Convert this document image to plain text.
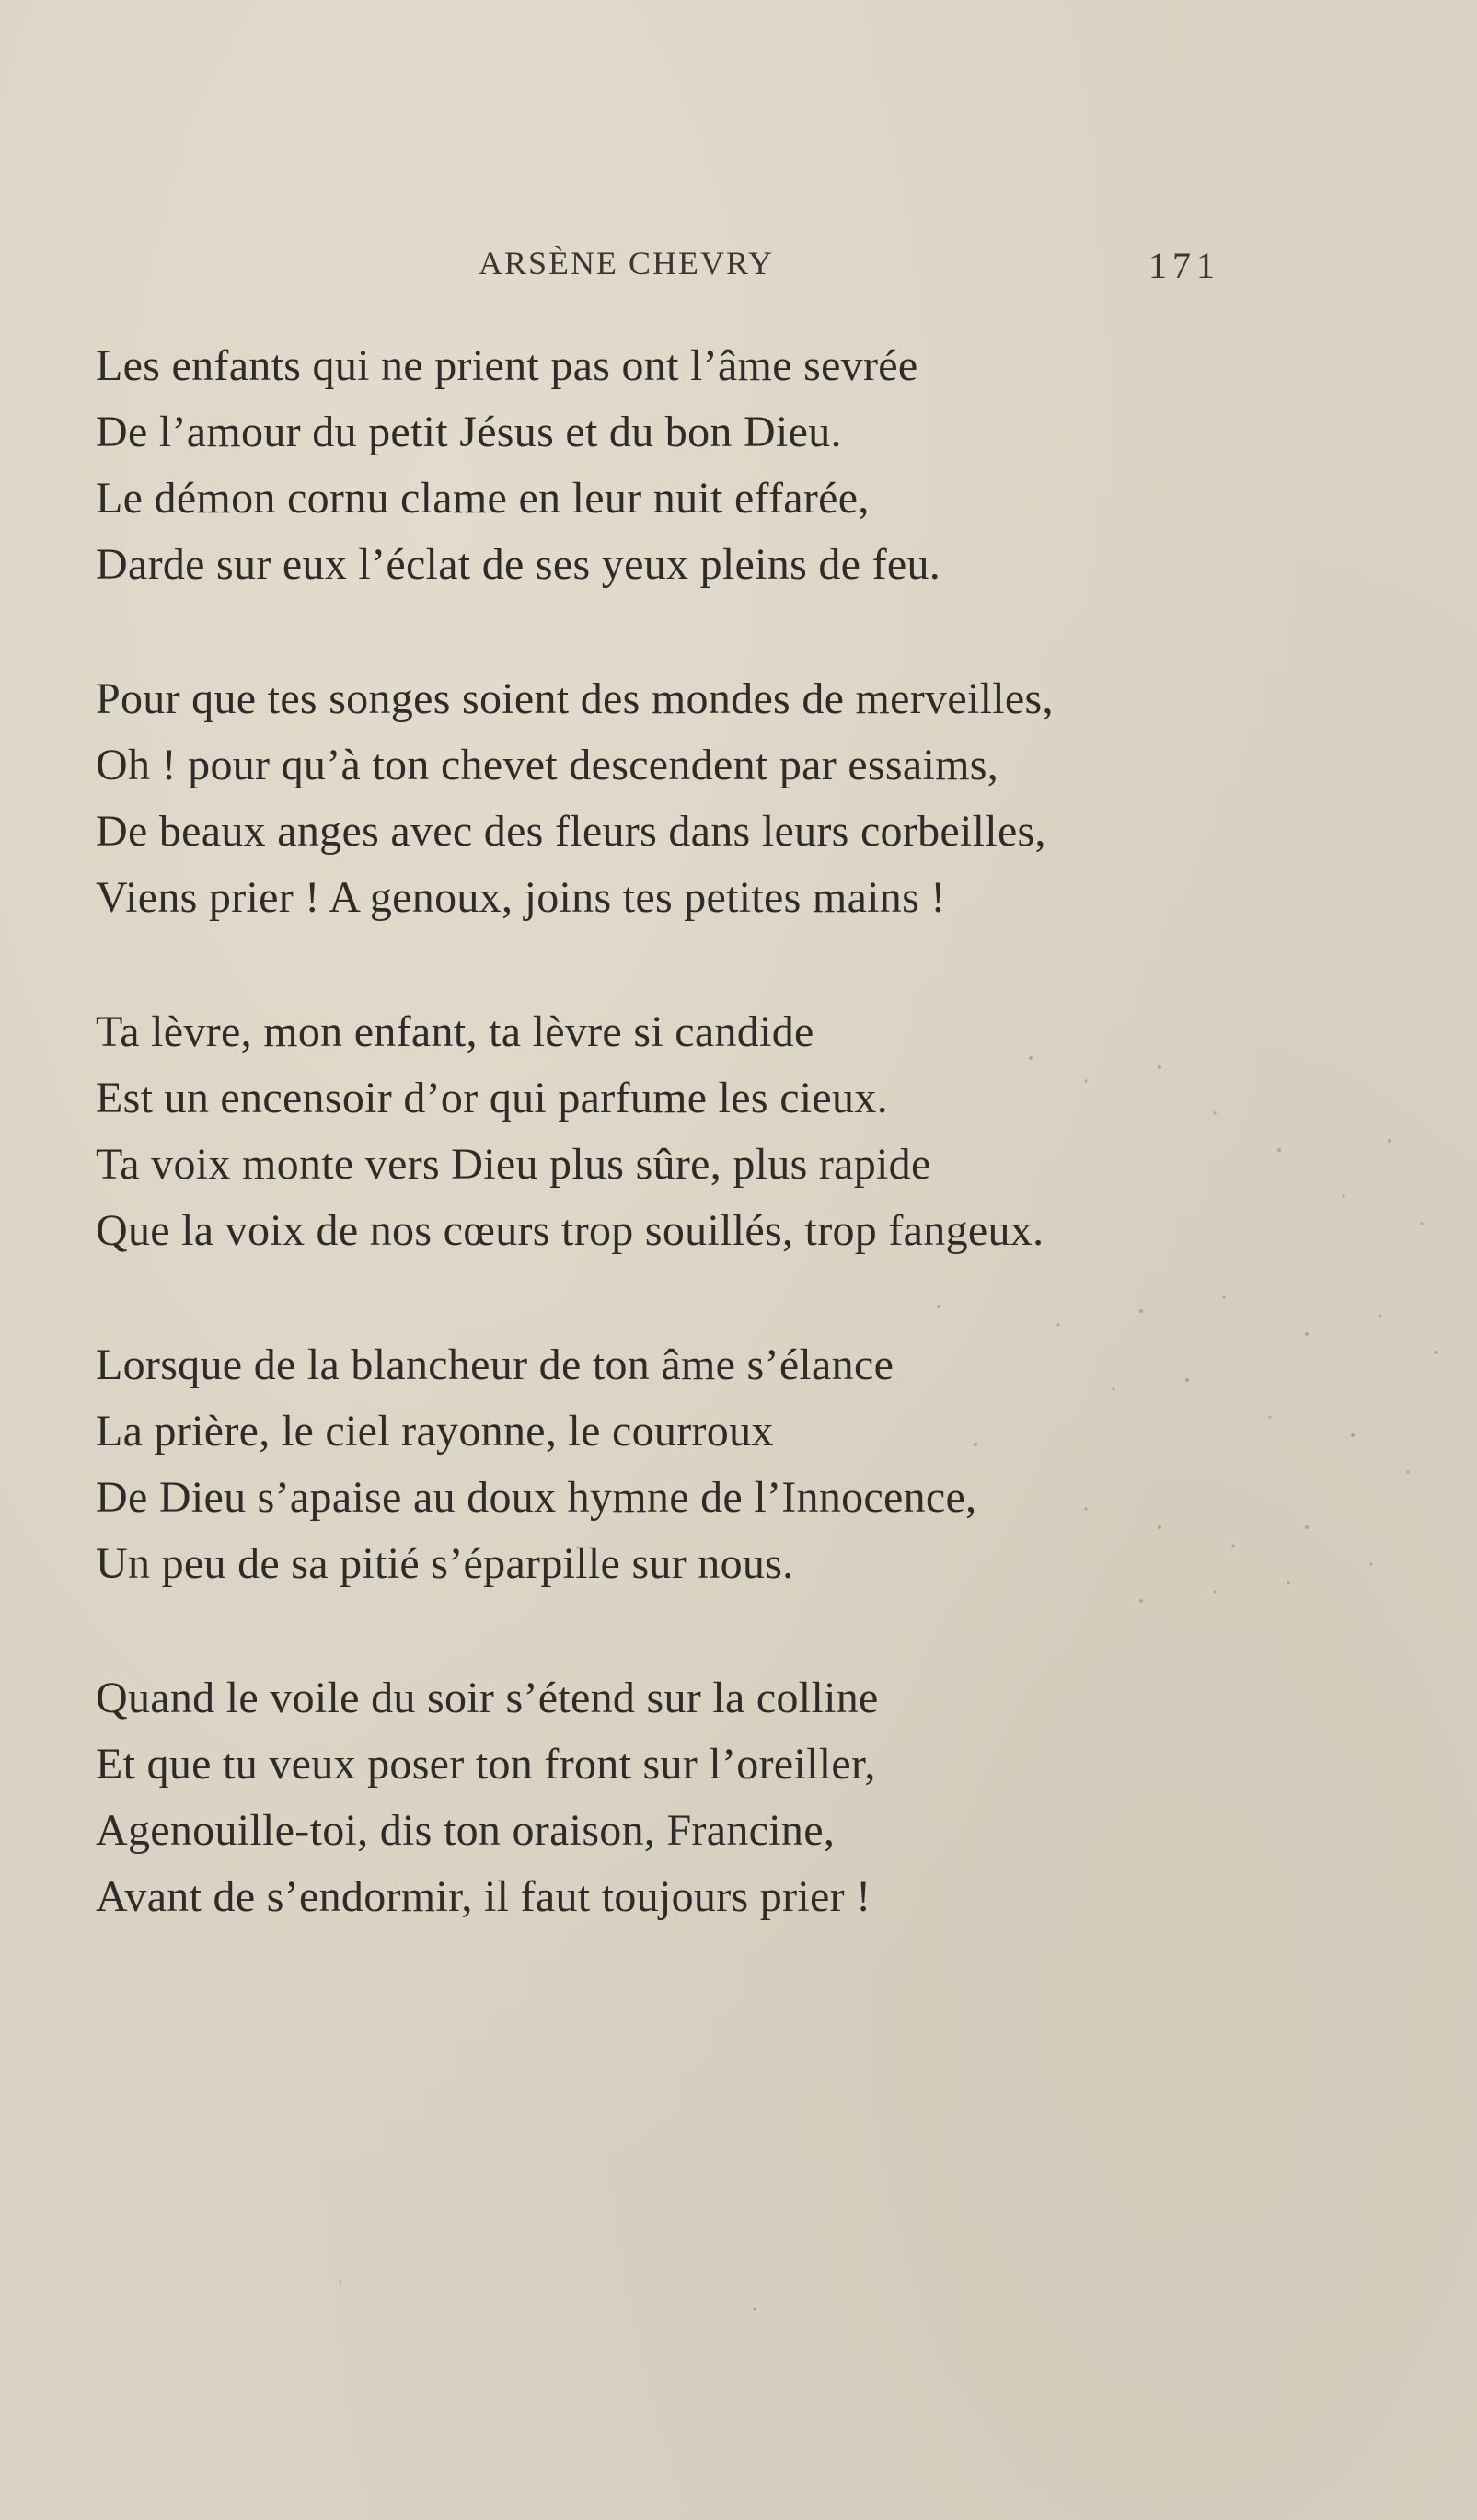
ARSÈNE CHEVRY	171
Les enfants qui ne prient pas ont l’âme sevrée
De l’amour du petit Jésus et du bon Dieu.
Le démon cornu clame en leur nuit effarée,
Darde sur eux l’éclat de ses yeux pleins de feu.
Pour que tes songes soient des mondes de merveilles,
Oh ! pour qu’à ton chevet descendent par essaims,
De beaux anges avec des fleurs dans leurs corbeilles,
Viens prier ! A genoux, joins tes petites mains !
Ta lèvre, mon enfant, ta lèvre si candide
Est un encensoir d’or qui parfume les cieux.
Ta voix monte vers Dieu plus sûre, plus rapide
Que la voix de nos cœurs trop souillés, trop fangeux.
Lorsque de la blancheur de ton âme s’élance
La prière, le ciel rayonne, le courroux
De Dieu s’apaise au doux hymne de l’Innocence,
Un peu de sa pitié s’éparpille sur nous.
Quand le voile du soir s’étend sur la colline
Et que tu veux poser ton front sur l’oreiller,
Agenouille-toi, dis ton oraison, Francine,
Avant de s’endormir, il faut toujours prier !
